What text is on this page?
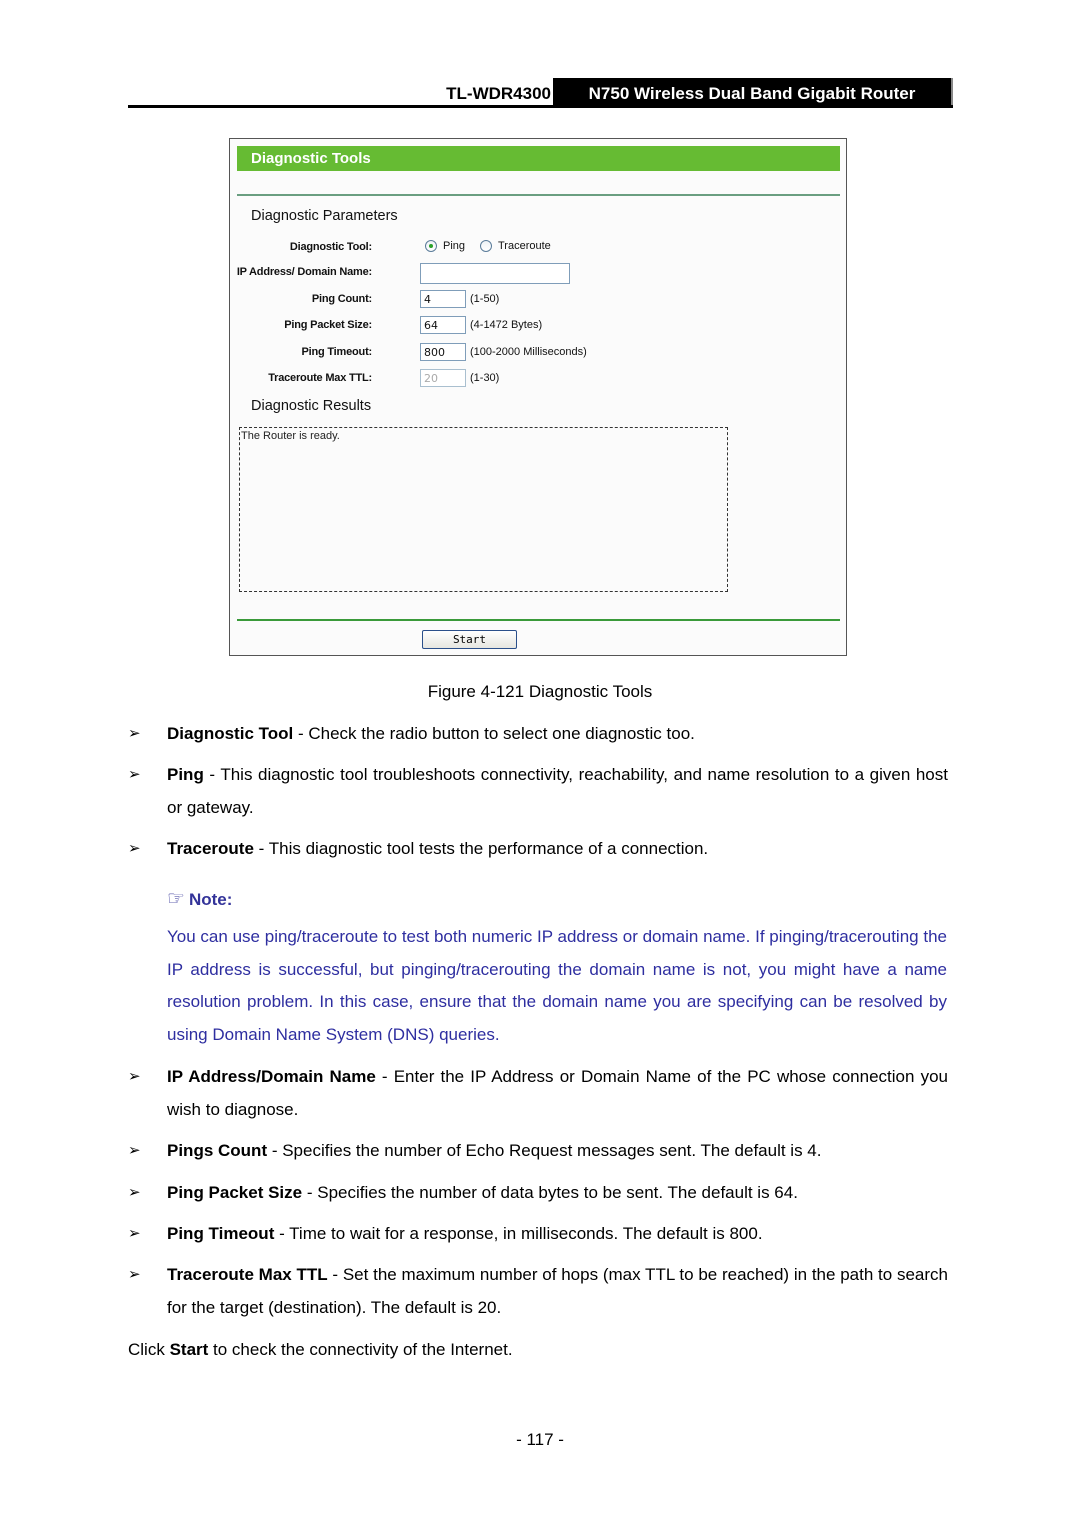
TL-WDR4300	N750 Wireless Dual Band Gigabit Router
Diagnostic Tools
Diagnostic Parameters
Diagnostic Tool:	Ping	Traceroute
IP Address/ Domain Name:
Ping Count:	4	(1-50)
Ping Packet Size:	64	(4-1472 Bytes)
Ping Timeout:	800	(100-2000 Milliseconds)
Traceroute Max TTL:	20	(1-30)
Diagnostic Results
The Router is ready.
Start
Figure 4-121 Diagnostic Tools
➢ Diagnostic Tool - Check the radio button to select one diagnostic too.
➢ Ping - This diagnostic tool troubleshoots connectivity, reachability, and name resolution to a given host or gateway.
➢ Traceroute - This diagnostic tool tests the performance of a connection.
☞ Note:
You can use ping/traceroute to test both numeric IP address or domain name. If pinging/tracerouting the IP address is successful, but pinging/tracerouting the domain name is not, you might have a name resolution problem. In this case, ensure that the domain name you are specifying can be resolved by using Domain Name System (DNS) queries.
➢ IP Address/Domain Name - Enter the IP Address or Domain Name of the PC whose connection you wish to diagnose.
➢ Pings Count - Specifies the number of Echo Request messages sent. The default is 4.
➢ Ping Packet Size - Specifies the number of data bytes to be sent. The default is 64.
➢ Ping Timeout - Time to wait for a response, in milliseconds. The default is 800.
➢ Traceroute Max TTL - Set the maximum number of hops (max TTL to be reached) in the path to search for the target (destination). The default is 20.
Click Start to check the connectivity of the Internet.
- 117 -
